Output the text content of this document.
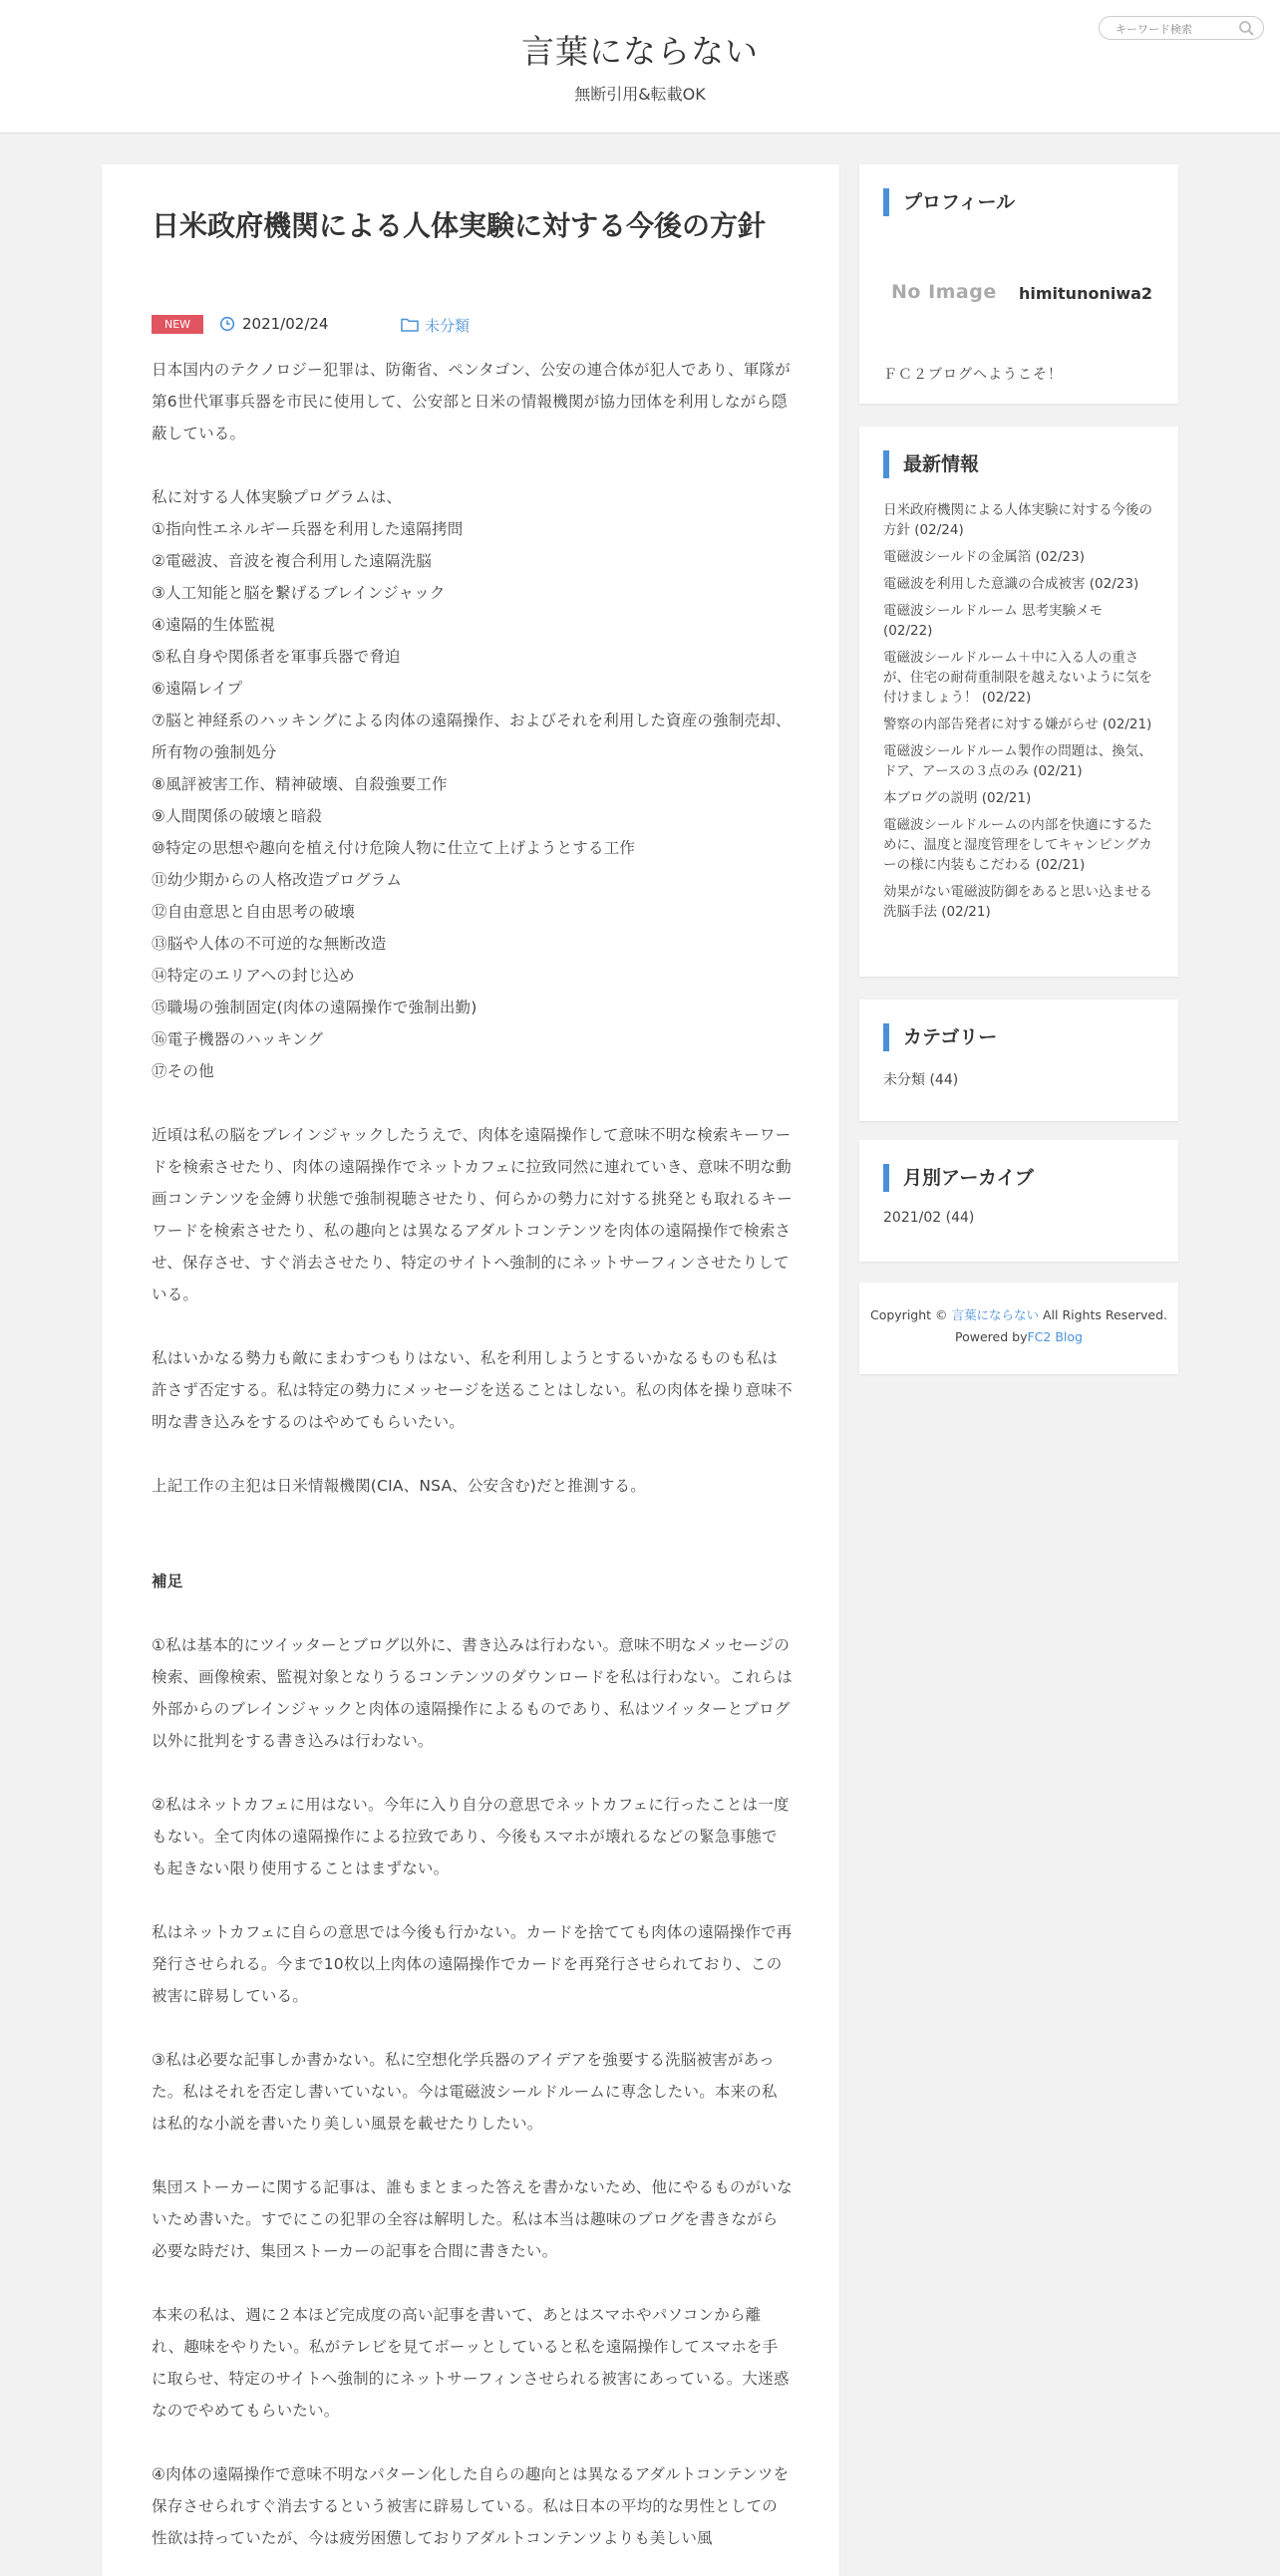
言葉にならない
無断引用&転載OK
キーワード検索
日米政府機関による人体実験に対する今後の方針
NEW	2021/02/24	未分類

日本国内のテクノロジー犯罪は、防衛省、ペンタゴン、公安の連合体が犯人であり、軍隊が第6世代軍事兵器を市民に使用して、公安部と日米の情報機関が協力団体を利用しながら隠蔽している。

私に対する人体実験プログラムは、

①指向性エネルギー兵器を利用した遠隔拷問

②電磁波、音波を複合利用した遠隔洗脳

③人工知能と脳を繋げるブレインジャック

④遠隔的生体監視

⑤私自身や関係者を軍事兵器で脅迫

⑥遠隔レイプ

⑦脳と神経系のハッキングによる肉体の遠隔操作、およびそれを利用した資産の強制売却、所有物の強制処分

⑧風評被害工作、精神破壊、自殺強要工作

⑨人間関係の破壊と暗殺

⑩特定の思想や趣向を植え付け危険人物に仕立て上げようとする工作

⑪幼少期からの人格改造プログラム

⑫自由意思と自由思考の破壊

⑬脳や人体の不可逆的な無断改造

⑭特定のエリアへの封じ込め

⑮職場の強制固定(肉体の遠隔操作で強制出勤)

⑯電子機器のハッキング

⑰その他

近頃は私の脳をブレインジャックしたうえで、肉体を遠隔操作して意味不明な検索キーワードを検索させたり、肉体の遠隔操作でネットカフェに拉致同然に連れていき、意味不明な動画コンテンツを金縛り状態で強制視聴させたり、何らかの勢力に対する挑発とも取れるキーワードを検索させたり、私の趣向とは異なるアダルトコンテンツを肉体の遠隔操作で検索させ、保存させ、すぐ消去させたり、特定のサイトへ強制的にネットサーフィンさせたりしている。

私はいかなる勢力も敵にまわすつもりはない、私を利用しようとするいかなるものも私は許さず否定する。私は特定の勢力にメッセージを送ることはしない。私の肉体を操り意味不明な書き込みをするのはやめてもらいたい。

上記工作の主犯は日米情報機関(CIA、NSA、公安含む)だと推測する。

補足

①私は基本的にツイッターとブログ以外に、書き込みは行わない。意味不明なメッセージの検索、画像検索、監視対象となりうるコンテンツのダウンロードを私は行わない。これらは外部からのブレインジャックと肉体の遠隔操作によるものであり、私はツイッターとブログ以外に批判をする書き込みは行わない。

②私はネットカフェに用はない。今年に入り自分の意思でネットカフェに行ったことは一度もない。全て肉体の遠隔操作による拉致であり、今後もスマホが壊れるなどの緊急事態でも起きない限り使用することはまずない。

私はネットカフェに自らの意思では今後も行かない。カードを捨てても肉体の遠隔操作で再発行させられる。今まで10枚以上肉体の遠隔操作でカードを再発行させられており、この被害に辟易している。

③私は必要な記事しか書かない。私に空想化学兵器のアイデアを強要する洗脳被害があった。私はそれを否定し書いていない。今は電磁波シールドルームに専念したい。本来の私は私的な小説を書いたり美しい風景を載せたりしたい。

集団ストーカーに関する記事は、誰もまとまった答えを書かないため、他にやるものがいないため書いた。すでにこの犯罪の全容は解明した。私は本当は趣味のブログを書きながら必要な時だけ、集団ストーカーの記事を合間に書きたい。

本来の私は、週に２本ほど完成度の高い記事を書いて、あとはスマホやパソコンから離れ、趣味をやりたい。私がテレビを見てボーッとしていると私を遠隔操作してスマホを手に取らせ、特定のサイトへ強制的にネットサーフィンさせられる被害にあっている。大迷惑なのでやめてもらいたい。

④肉体の遠隔操作で意味不明なパターン化した自らの趣向とは異なるアダルトコンテンツを保存させられすぐ消去するという被害に辟易している。私は日本の平均的な男性としての性欲は持っていたが、今は疲労困憊しておりアダルトコンテンツよりも美しい風

プロフィール
No Image himitunoniwa2
ＦＣ２ブログへようこそ！
最新情報
日米政府機関による人体実験に対する今後の方針 (02/24)
電磁波シールドの金属箔 (02/23)
電磁波を利用した意識の合成被害 (02/23)
電磁波シールドルーム 思考実験メモ (02/22)
電磁波シールドルーム＋中に入る人の重さが、住宅の耐荷重制限を越えないように気を付けましょう！ (02/22)
警察の内部告発者に対する嫌がらせ (02/21)
電磁波シールドルーム製作の問題は、換気、ドア、アースの３点のみ (02/21)
本ブログの説明 (02/21)
電磁波シールドルームの内部を快適にするために、温度と湿度管理をしてキャンピングカーの様に内装もこだわる (02/21)
効果がない電磁波防御をあると思い込ませる洗脳手法 (02/21)
カテゴリー
未分類 (44)
月別アーカイブ
2021/02 (44)
Copyright © 言葉にならない All Rights Reserved.
Powered byFC2 Blog
